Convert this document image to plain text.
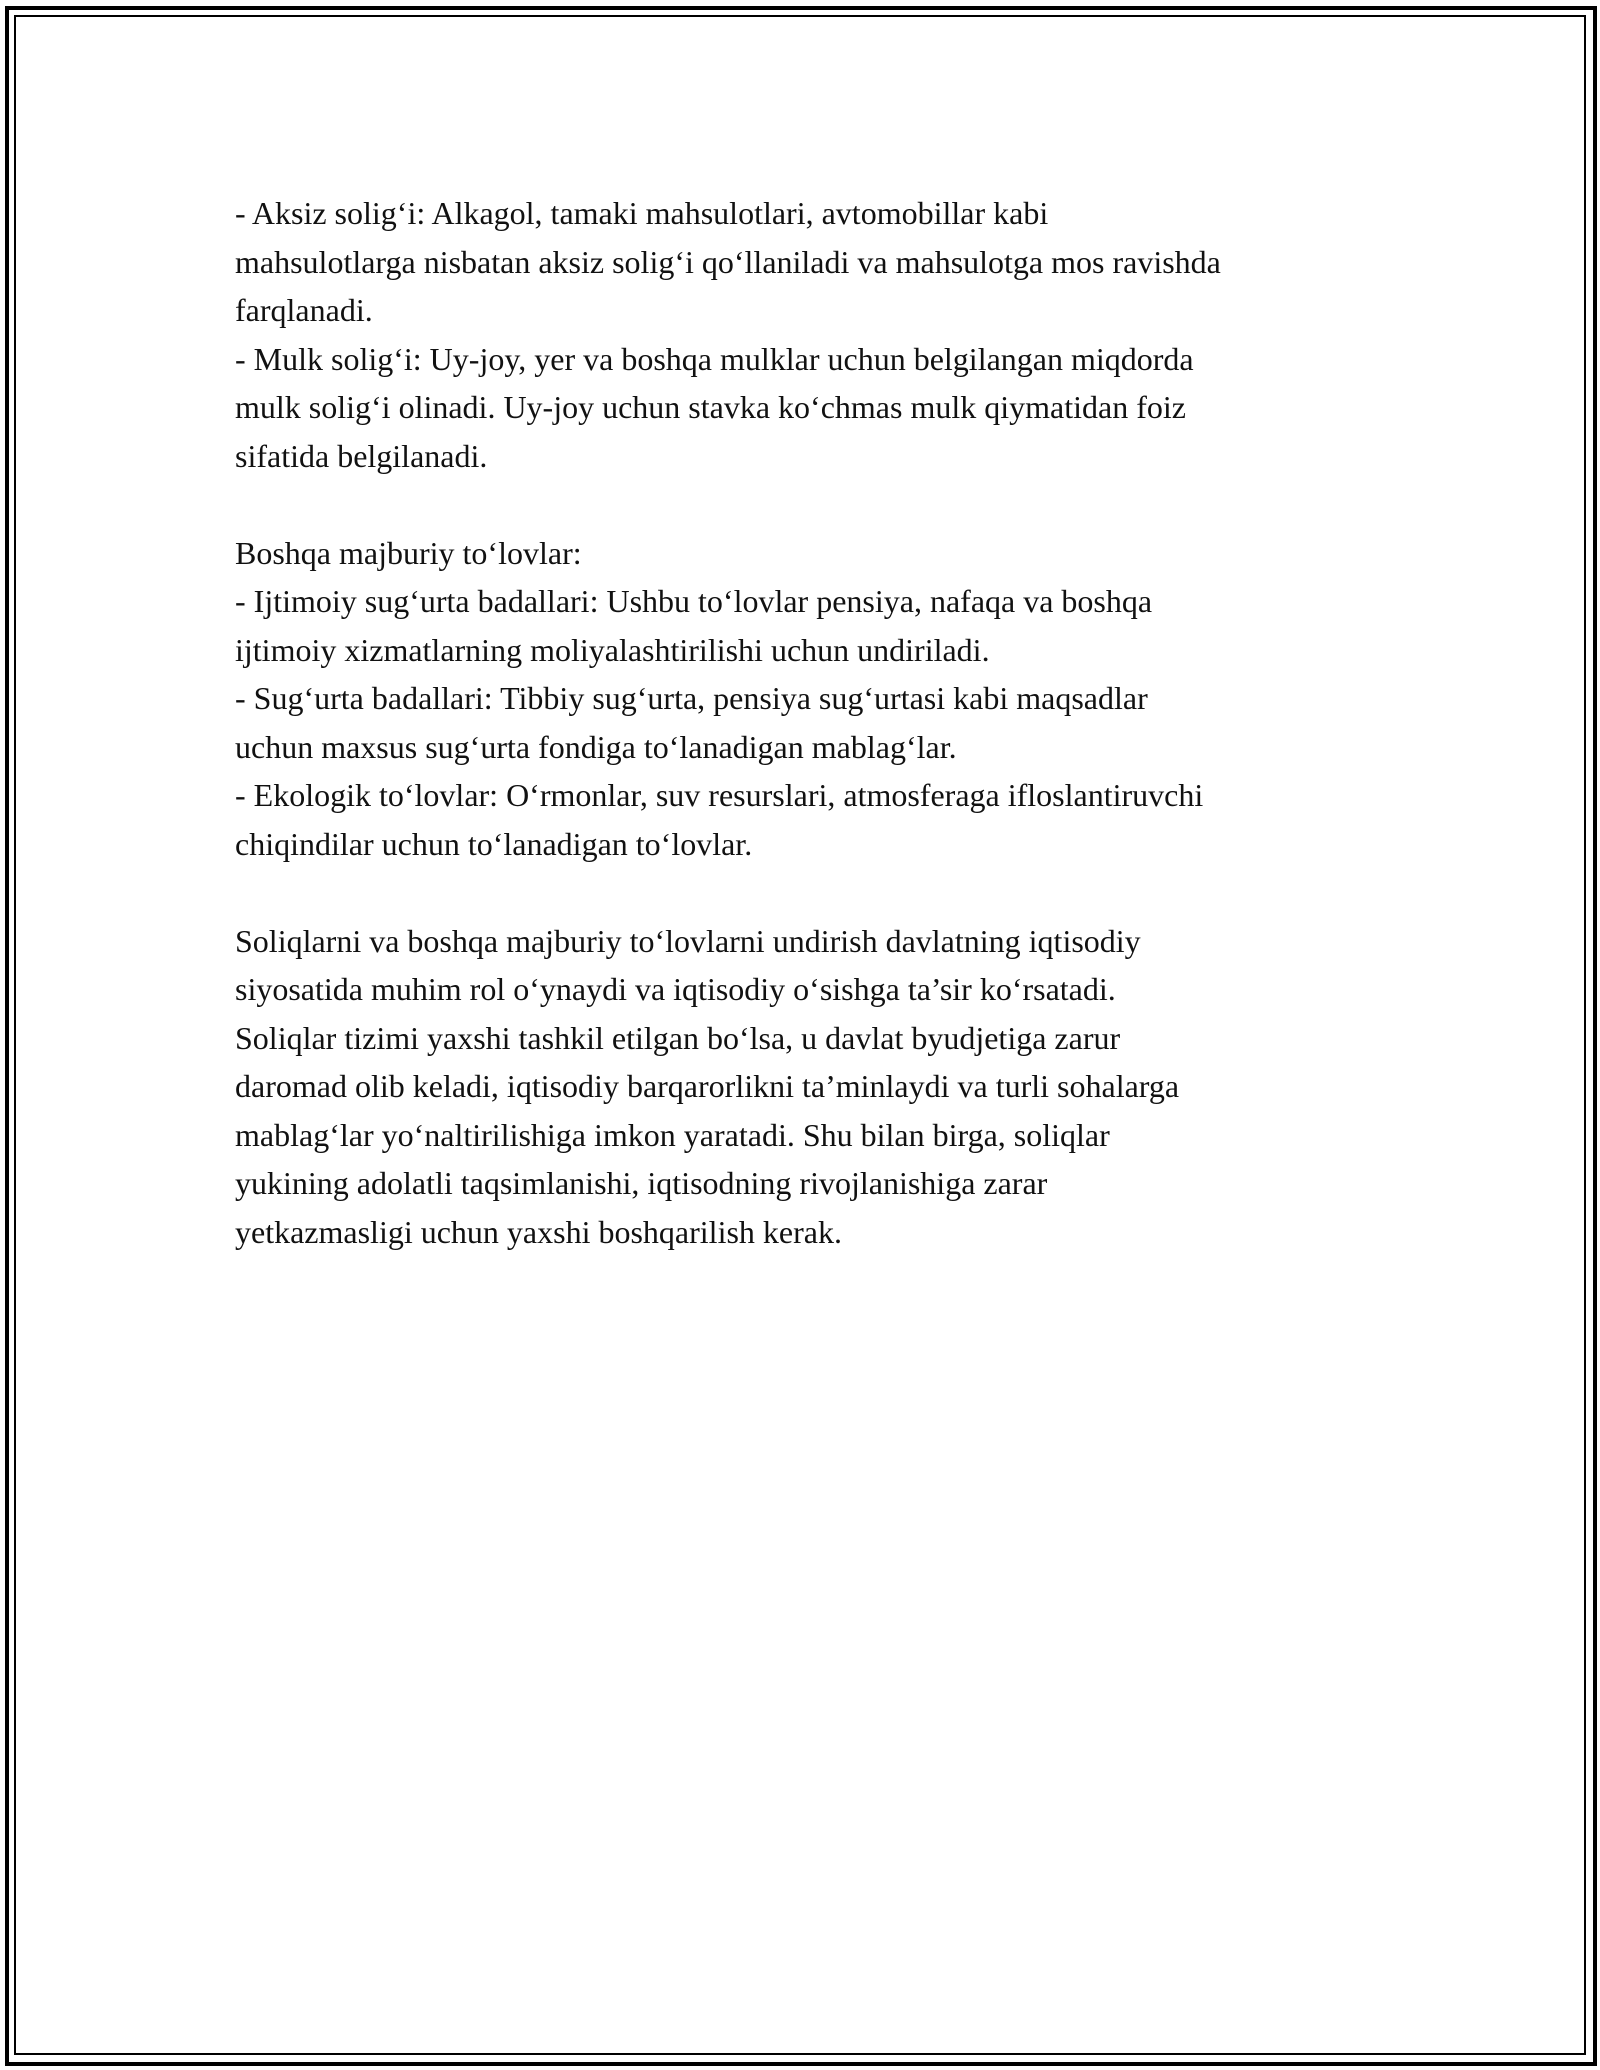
- Aksiz solig‘i: Alkagol, tamaki mahsulotlari, avtomobillar kabi
mahsulotlarga nisbatan aksiz solig‘i qo‘llaniladi va mahsulotga mos ravishda
farqlanadi.
- Mulk solig‘i: Uy-joy, yer va boshqa mulklar uchun belgilangan miqdorda
mulk solig‘i olinadi. Uy-joy uchun stavka ko‘chmas mulk qiymatidan foiz
sifatida belgilanadi.
Boshqa majburiy to‘lovlar:
- Ijtimoiy sug‘urta badallari: Ushbu to‘lovlar pensiya, nafaqa va boshqa
ijtimoiy xizmatlarning moliyalashtirilishi uchun undiriladi.
- Sug‘urta badallari: Tibbiy sug‘urta, pensiya sug‘urtasi kabi maqsadlar
uchun maxsus sug‘urta fondiga to‘lanadigan mablag‘lar.
- Ekologik to‘lovlar: O‘rmonlar, suv resurslari, atmosferaga ifloslantiruvchi
chiqindilar uchun to‘lanadigan to‘lovlar.
Soliqlarni va boshqa majburiy to‘lovlarni undirish davlatning iqtisodiy
siyosatida muhim rol o‘ynaydi va iqtisodiy o‘sishga ta’sir ko‘rsatadi.
Soliqlar tizimi yaxshi tashkil etilgan bo‘lsa, u davlat byudjetiga zarur
daromad olib keladi, iqtisodiy barqarorlikni ta’minlaydi va turli sohalarga
mablag‘lar yo‘naltirilishiga imkon yaratadi. Shu bilan birga, soliqlar
yukining adolatli taqsimlanishi, iqtisodning rivojlanishiga zarar
yetkazmasligi uchun yaxshi boshqarilish kerak.
